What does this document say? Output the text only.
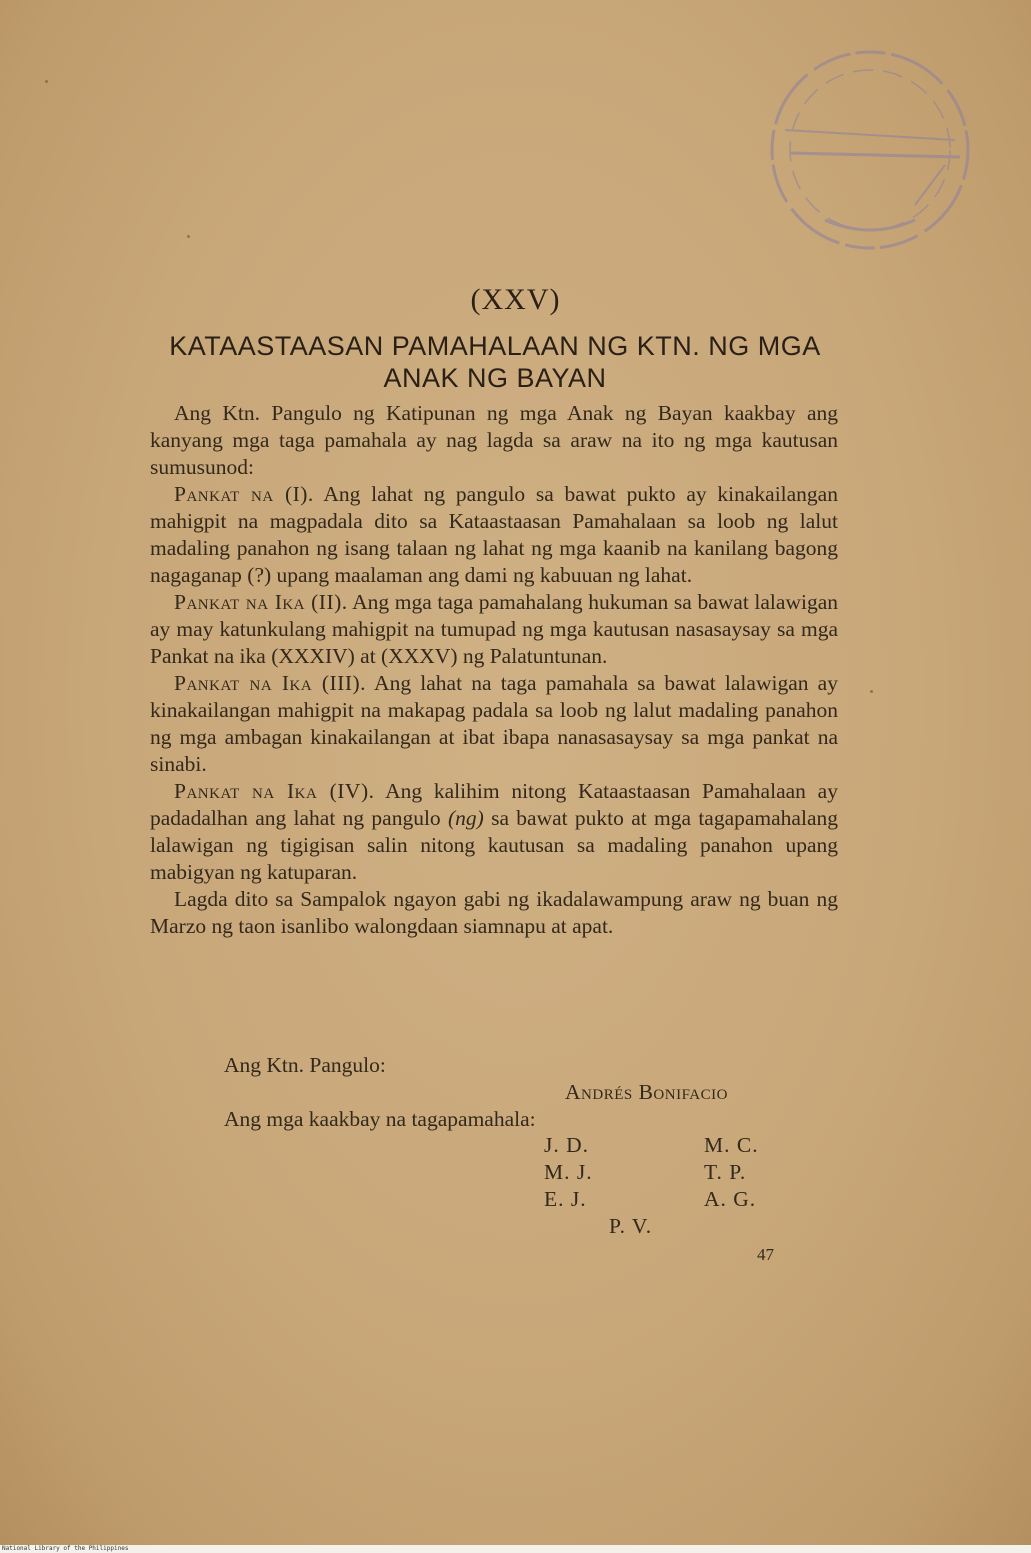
(XXV)
KATAASTAASAN PAMAHALAAN NG KTN. NG MGA ANAK NG BAYAN

Ang Ktn. Pangulo ng Katipunan ng mga Anak ng Bayan kaakbay ang kanyang mga taga pamahala ay nag lagda sa araw na ito ng mga kautusan sumusunod:

Pankat na (I). Ang lahat ng pangulo sa bawat pukto ay kinakailangan mahigpit na magpadala dito sa Kataastaasan Pamahalaan sa loob ng lalut madaling panahon ng isang talaan ng lahat ng mga kaanib na kanilang bagong nagaganap (?) upang maalaman ang dami ng kabuuan ng lahat.

Pankat na Ika (II). Ang mga taga pamahalang hukuman sa bawat lalawigan ay may katunkulang mahigpit na tumupad ng mga kautusan nasasaysay sa mga Pankat na ika (XXXIV) at (XXXV) ng Palatuntunan.

Pankat na Ika (III). Ang lahat na taga pamahala sa bawat lalawigan ay kinakailangan mahigpit na makapag padala sa loob ng lalut madaling panahon ng mga ambagan kinakailangan at ibat ibapa nanasasaysay sa mga pankat na sinabi.

Pankat na Ika (IV). Ang kalihim nitong Kataastaasan Pamahalaan ay padadalhan ang lahat ng pangulo (ng) sa bawat pukto at mga tagapamahalang lalawigan ng tigigisan salin nitong kautusan sa madaling panahon upang mabigyan ng katuparan.

Lagda dito sa Sampalok ngayon gabi ng ikadalawampung araw ng buan ng Marzo ng taon isanlibo walongdaan siamnapu at apat.

Ang Ktn. Pangulo:
Andrés Bonifacio
Ang mga kaakbay na tagapamahala:
J. D.	M. C.
M. J.	T. P.
E. J.	A. G.
P. V.
47
National Library of the Philippines
